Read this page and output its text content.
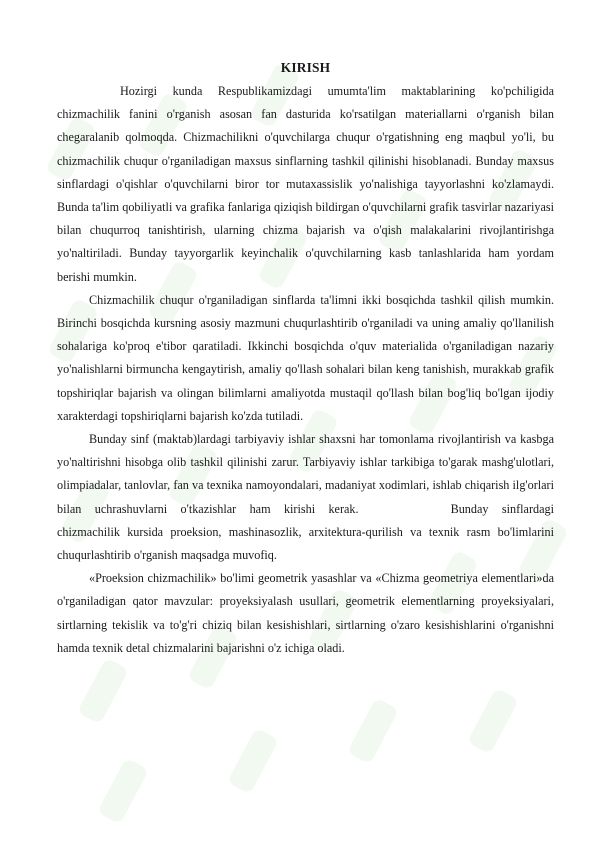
KIRISH

Hozirgi kunda Respublikamizdagi umumta'lim maktablarining ko'pchiligida chizmachilik fanini o'rganish asosan fan dasturida ko'rsatilgan materiallarni o'rganish bilan chegaralanib qolmoqda. Chizmachilikni o'quvchilarga chuqur o'rgatishning eng maqbul yo'li, bu chizmachilik chuqur o'rganiladigan maxsus sinflarning tashkil qilinishi hisoblanadi. Bunday maxsus sinflardagi o'qishlar o'quvchilarni biror tor mutaxassislik yo'nalishiga tayyorlashni ko'zlamaydi. Bunda ta'lim qobiliyatli va grafika fanlariga qiziqish bildirgan o'quvchilarni grafik tasvirlar nazariyasi bilan chuqurroq tanishtirish, ularning chizma bajarish va o'qish malakalarini rivojlantirishga yo'naltiriladi. Bunday tayyorgarlik keyinchalik o'quvchilarning kasb tanlashlarida ham yordam berishi mumkin.

Chizmachilik chuqur o'rganiladigan sinflarda ta'limni ikki bosqichda tashkil qilish mumkin. Birinchi bosqichda kursning asosiy mazmuni chuqurlashtirib o'rganiladi va uning amaliy qo'llanilish sohalariga ko'proq e'tibor qaratiladi. Ikkinchi bosqichda o'quv materialida o'rganiladigan nazariy yo'nalishlarni birmuncha kengaytirish, amaliy qo'llash sohalari bilan keng tanishish, murakkab grafik topshiriqlar bajarish va olingan bilimlarni amaliyotda mustaqil qo'llash bilan bog'liq bo'lgan ijodiy xarakterdagi topshiriqlarni bajarish ko'zda tutiladi.

Bunday sinf (maktab)lardagi tarbiyaviy ishlar shaxsni har tomonlama rivojlantirish va kasbga yo'naltirishni hisobga olib tashkil qilinishi zarur. Tarbiyaviy ishlar tarkibiga to'garak mashg'ulotlari, olimpiadalar, tanlovlar, fan va texnika namoyondalari, madaniyat xodimlari, ishlab chiqarish ilg'orlari bilan uchrashuvlarni o'tkazishlar ham kirishi kerak.	Bunday sinflardagi chizmachilik kursida proeksion, mashinasozlik, arxitektura-qurilish va texnik rasm bo'limlarini chuqurlashtirib o'rganish maqsadga muvofiq.

«Proeksion chizmachilik» bo'limi geometrik yasashlar va «Chizma geometriya elementlari»da o'rganiladigan qator mavzular: proyeksiyalash usullari, geometrik elementlarning proyeksiyalari, sirtlarning tekislik va to'g'ri chiziq bilan kesishishlari, sirtlarning o'zaro kesishishlarini o'rganishni hamda texnik detal chizmalarini bajarishni o'z ichiga oladi.
